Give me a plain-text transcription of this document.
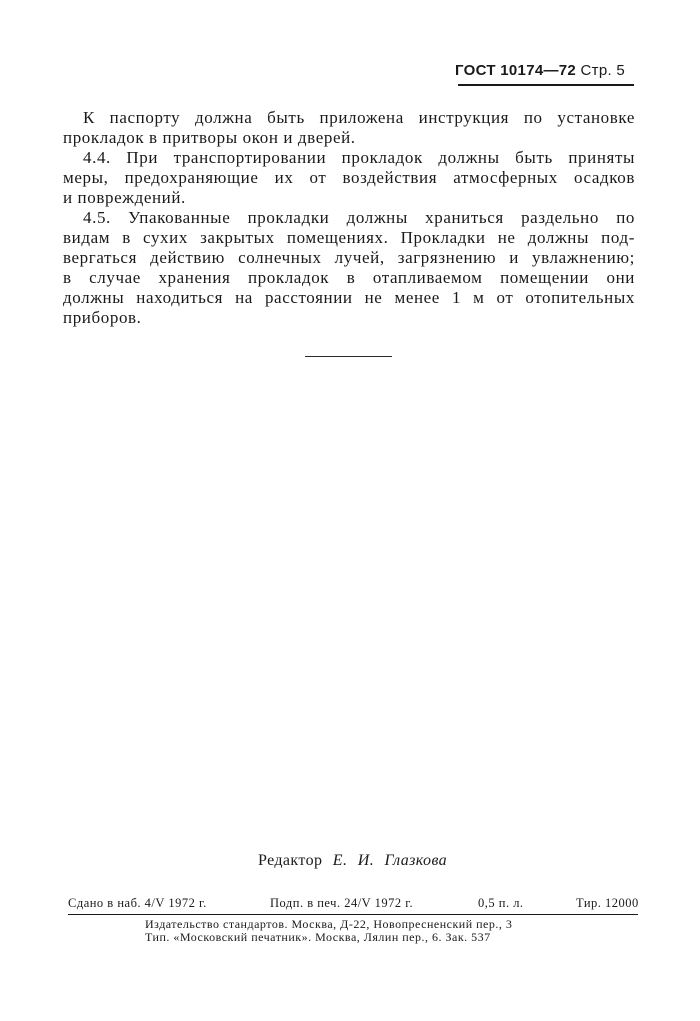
ГОСТ 10174—72 Стр. 5

К паспорту должна быть приложена инструкция по установке
прокладок в притворы окон и дверей.

4.4. При транспортировании прокладок должны быть приняты
меры, предохраняющие их от воздействия атмосферных осадков
и повреждений.

4.5. Упакованные прокладки должны храниться раздельно по
видам в сухих закрытых помещениях. Прокладки не должны под-
вергаться действию солнечных лучей, загрязнению и увлажнению;
в случае хранения прокладок в отапливаемом помещении они
должны находиться на расстоянии не менее 1 м от отопительных
приборов.

Редактор Е. И. Глазкова
Сдано в наб. 4/V 1972 г.	Подп. в печ. 24/V 1972 г.	0,5 п. л.	Тир. 12000
Издательство стандартов. Москва, Д-22, Новопресненский пер., 3
Тип. «Московский печатник». Москва, Лялин пер., 6. Зак. 537
